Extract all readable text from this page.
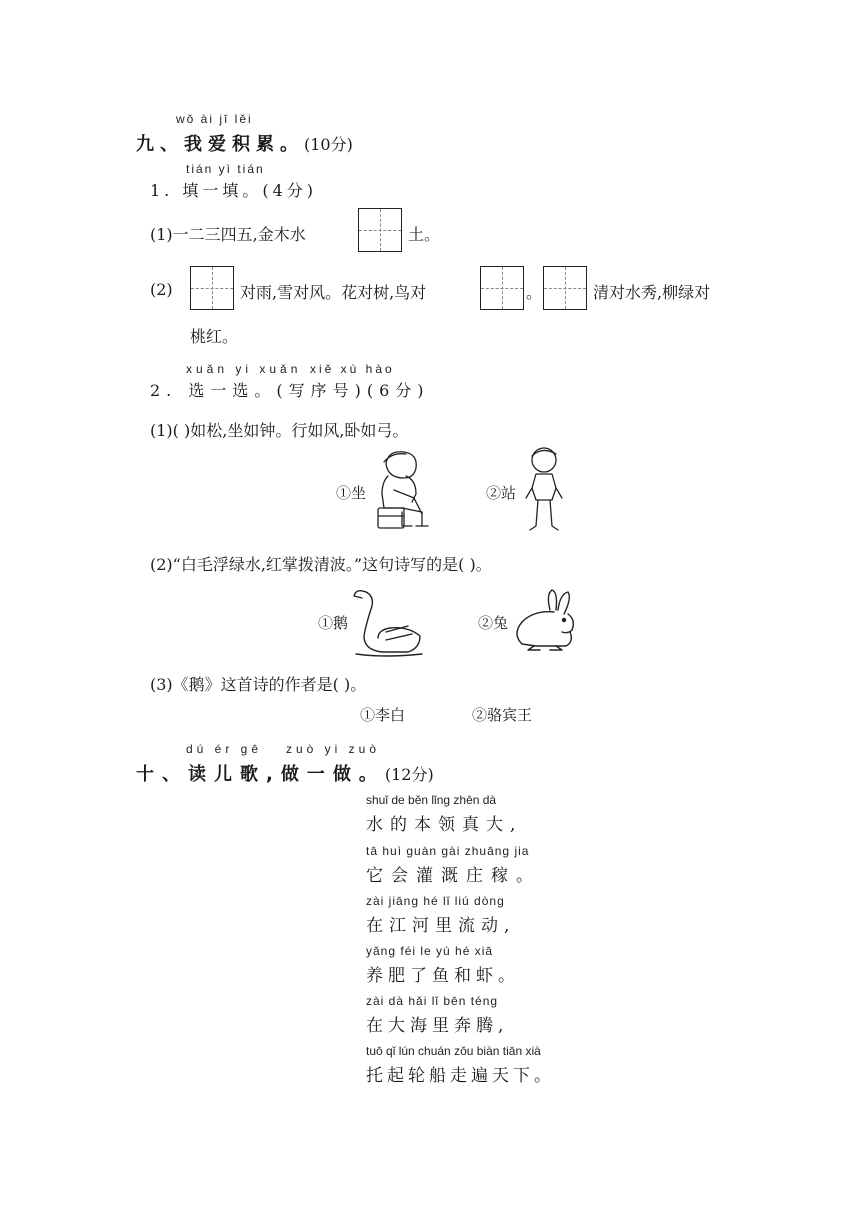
wǒ ài jī lěi
九、我爱积累。(10分)
tián yì tián
1. 填一填。(4分)
(1)一二三四五,金木水	土。
(2)	对雨,雪对风。花对树,鸟对	。	清对水秀,柳绿对
桃红。
xuǎn yi xuǎn xiě xù hào
2. 选一选。(写序号)(6分)
(1)( )如松,坐如钟。行如风,卧如弓。
①坐	②站
(2)“白毛浮绿水,红掌拨清波。”这句诗写的是( )。
①鹅	②兔
(3)《鹅》这首诗的作者是( )。
①李白	②骆宾王
dú ér gē zuò yi zuò
十、读儿歌,做一做。(12分)
shuǐ de běn lǐng zhēn dà
水的本领真大,
tā huì guàn gài zhuāng jia
它会灌溉庄稼。
zài jiāng hé lǐ liú dòng
在江河里流动,
yǎng féi le yú hé xiā
养肥了鱼和虾。
zài dà hǎi lǐ bēn téng
在大海里奔腾,
tuō qǐ lún chuán zǒu biàn tiān xià
托起轮船走遍天下。
